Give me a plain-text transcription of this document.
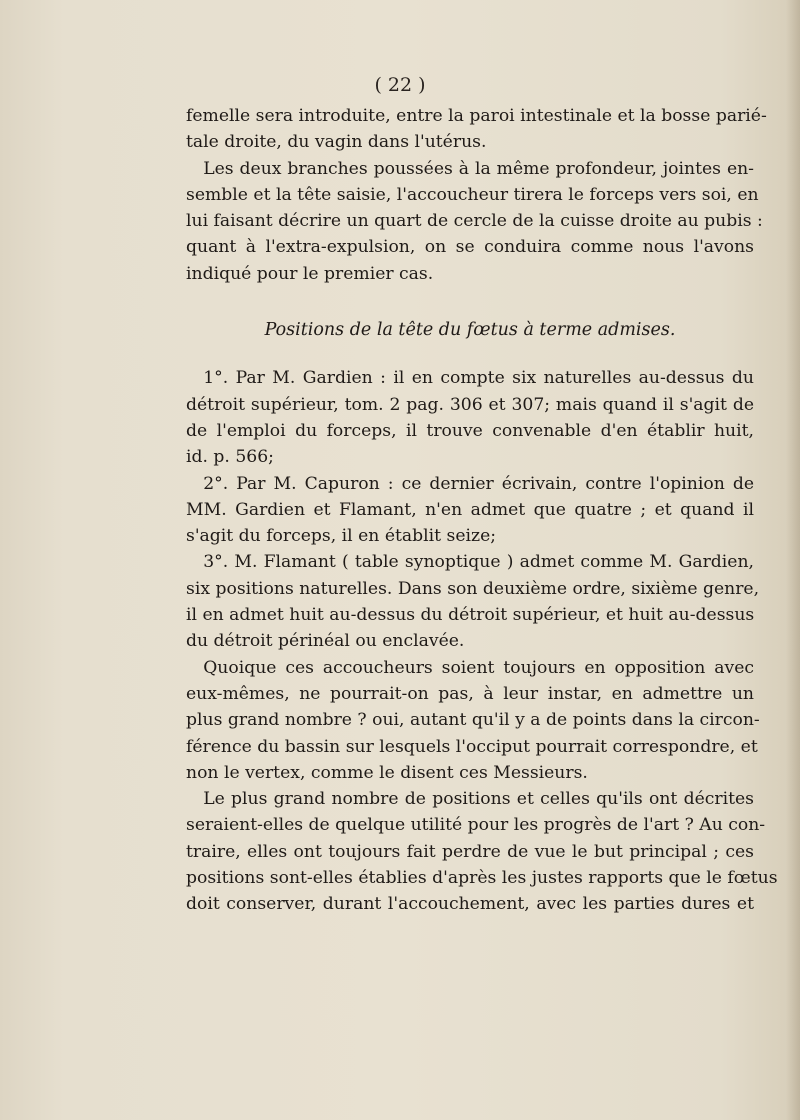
( 22 )
femelle sera introduite, entre la paroi intestinale et la bosse parié-
tale droite, du vagin dans l'utérus.
Les deux branches poussées à la même profondeur, jointes en-
semble et la tête saisie, l'accoucheur tirera le forceps vers soi, en
lui faisant décrire un quart de cercle de la cuisse droite au pubis :
quant à l'extra-expulsion, on se conduira comme nous l'avons
indiqué pour le premier cas.
Positions de la tête du fœtus à terme admises.
1°. Par M. Gardien : il en compte six naturelles au-dessus du
détroit supérieur, tom. 2 pag. 306 et 307; mais quand il s'agit de
de l'emploi du forceps, il trouve convenable d'en établir huit,
id. p. 566;
2°. Par M. Capuron : ce dernier écrivain, contre l'opinion de
MM. Gardien et Flamant, n'en admet que quatre ; et quand il
s'agit du forceps, il en établit seize;
3°. M. Flamant ( table synoptique ) admet comme M. Gardien,
six positions naturelles. Dans son deuxième ordre, sixième genre,
il en admet huit au-dessus du détroit supérieur, et huit au-dessus
du détroit périnéal ou enclavée.
Quoique ces accoucheurs soient toujours en opposition avec
eux-mêmes, ne pourrait-on pas, à leur instar, en admettre un
plus grand nombre ? oui, autant qu'il y a de points dans la circon-
férence du bassin sur lesquels l'occiput pourrait correspondre, et
non le vertex, comme le disent ces Messieurs.
Le plus grand nombre de positions et celles qu'ils ont décrites
seraient-elles de quelque utilité pour les progrès de l'art ? Au con-
traire, elles ont toujours fait perdre de vue le but principal ; ces
positions sont-elles établies d'après les justes rapports que le fœtus
doit conserver, durant l'accouchement, avec les parties dures et
